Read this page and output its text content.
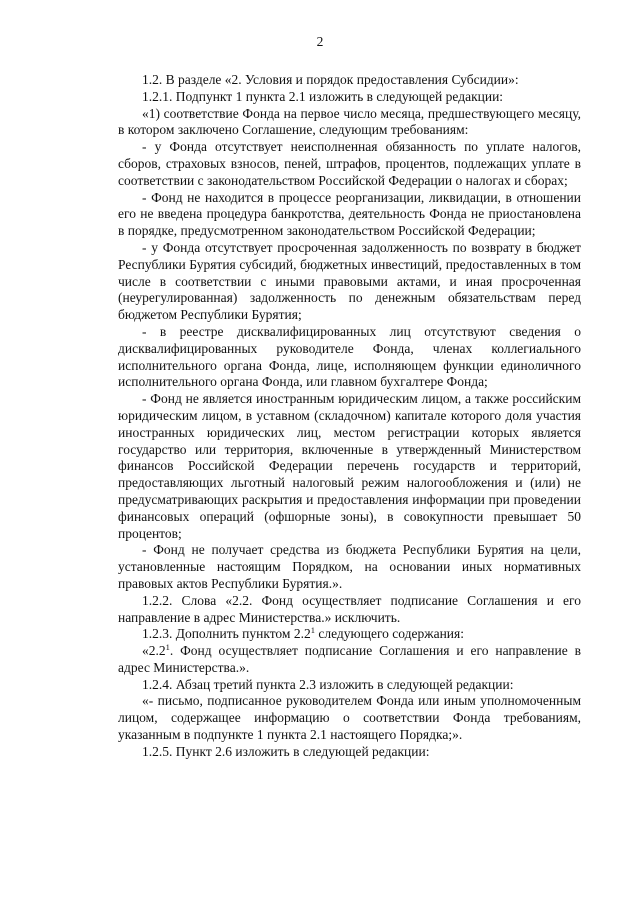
2

1.2. В разделе «2. Условия и порядок предоставления Субсидии»:

1.2.1. Подпункт 1 пункта 2.1 изложить в следующей редакции:

«1) соответствие Фонда на первое число месяца, предшествующего месяцу, в котором заключено Соглашение, следующим требованиям:

- у Фонда отсутствует неисполненная обязанность по уплате налогов, сборов, страховых взносов, пеней, штрафов, процентов, подлежащих уплате в соответствии с законодательством Российской Федерации о налогах и сборах;

- Фонд не находится в процессе реорганизации, ликвидации, в отношении его не введена процедура банкротства, деятельность Фонда не приостановлена в порядке, предусмотренном законодательством Российской Федерации;

- у Фонда отсутствует просроченная задолженность по возврату в бюджет Республики Бурятия субсидий, бюджетных инвестиций, предоставленных в том числе в соответствии с иными правовыми актами, и иная просроченная (неурегулированная) задолженность по денежным обязательствам перед бюджетом Республики Бурятия;

- в реестре дисквалифицированных лиц отсутствуют сведения о дисквалифицированных руководителе Фонда, членах коллегиального исполнительного органа Фонда, лице, исполняющем функции единоличного исполнительного органа Фонда, или главном бухгалтере Фонда;

- Фонд не является иностранным юридическим лицом, а также российским юридическим лицом, в уставном (складочном) капитале которого доля участия иностранных юридических лиц, местом регистрации которых является государство или территория, включенные в утвержденный Министерством финансов Российской Федерации перечень государств и территорий, предоставляющих льготный налоговый режим налогообложения и (или) не предусматривающих раскрытия и предоставления информации при проведении финансовых операций (офшорные зоны), в совокупности превышает 50 процентов;

- Фонд не получает средства из бюджета Республики Бурятия на цели, установленные настоящим Порядком, на основании иных нормативных правовых актов Республики Бурятия.».

1.2.2. Слова «2.2. Фонд осуществляет подписание Соглашения и его направление в адрес Министерства.» исключить.

1.2.3. Дополнить пунктом $2.2^1$ следующего содержания:

«$2.2^1$. Фонд осуществляет подписание Соглашения и его направление в адрес Министерства.».

1.2.4. Абзац третий пункта 2.3 изложить в следующей редакции:

«- письмо, подписанное руководителем Фонда или иным уполномоченным лицом, содержащее информацию о соответствии Фонда требованиям, указанным в подпункте 1 пункта 2.1 настоящего Порядка;».

1.2.5. Пункт 2.6 изложить в следующей редакции:
